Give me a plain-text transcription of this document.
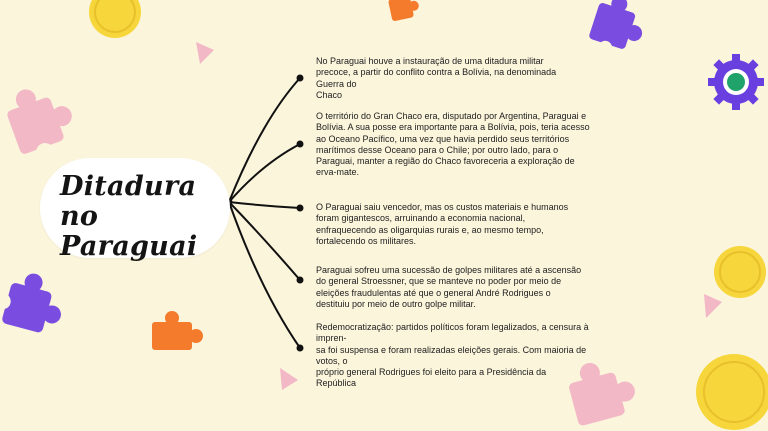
Ditadura no
Paraguai

No Paraguai houve a instauração de uma ditadura militar
precoce, a partir do conflito contra a Bolívia, na denominada
Guerra do
Chaco

O território do Gran Chaco era, disputado por Argentina, Paraguai e
Bolívia. A sua posse era importante para a Bolívia, pois, teria acesso
ao Oceano Pacífico, uma vez que havia perdido seus territórios
marítimos desse Oceano para o Chile; por outro lado, para o
Paraguai, manter a região do Chaco favoreceria a exploração de
erva-mate.

O Paraguai saiu vencedor, mas os custos materiais e humanos
foram gigantescos, arruinando a economia nacional,
enfraquecendo as oligarquias rurais e, ao mesmo tempo,
fortalecendo os militares.

Paraguai sofreu uma sucessão de golpes militares até a ascensão
do general Stroessner, que se manteve no poder por meio de
eleições fraudulentas até que o general André Rodrigues o
destituiu por meio de outro golpe militar.

Redemocratização: partidos políticos foram legalizados, a censura à
impren-
sa foi suspensa e foram realizadas eleições gerais. Com maioria de
votos, o
próprio general Rodrigues foi eleito para a Presidência da
República
